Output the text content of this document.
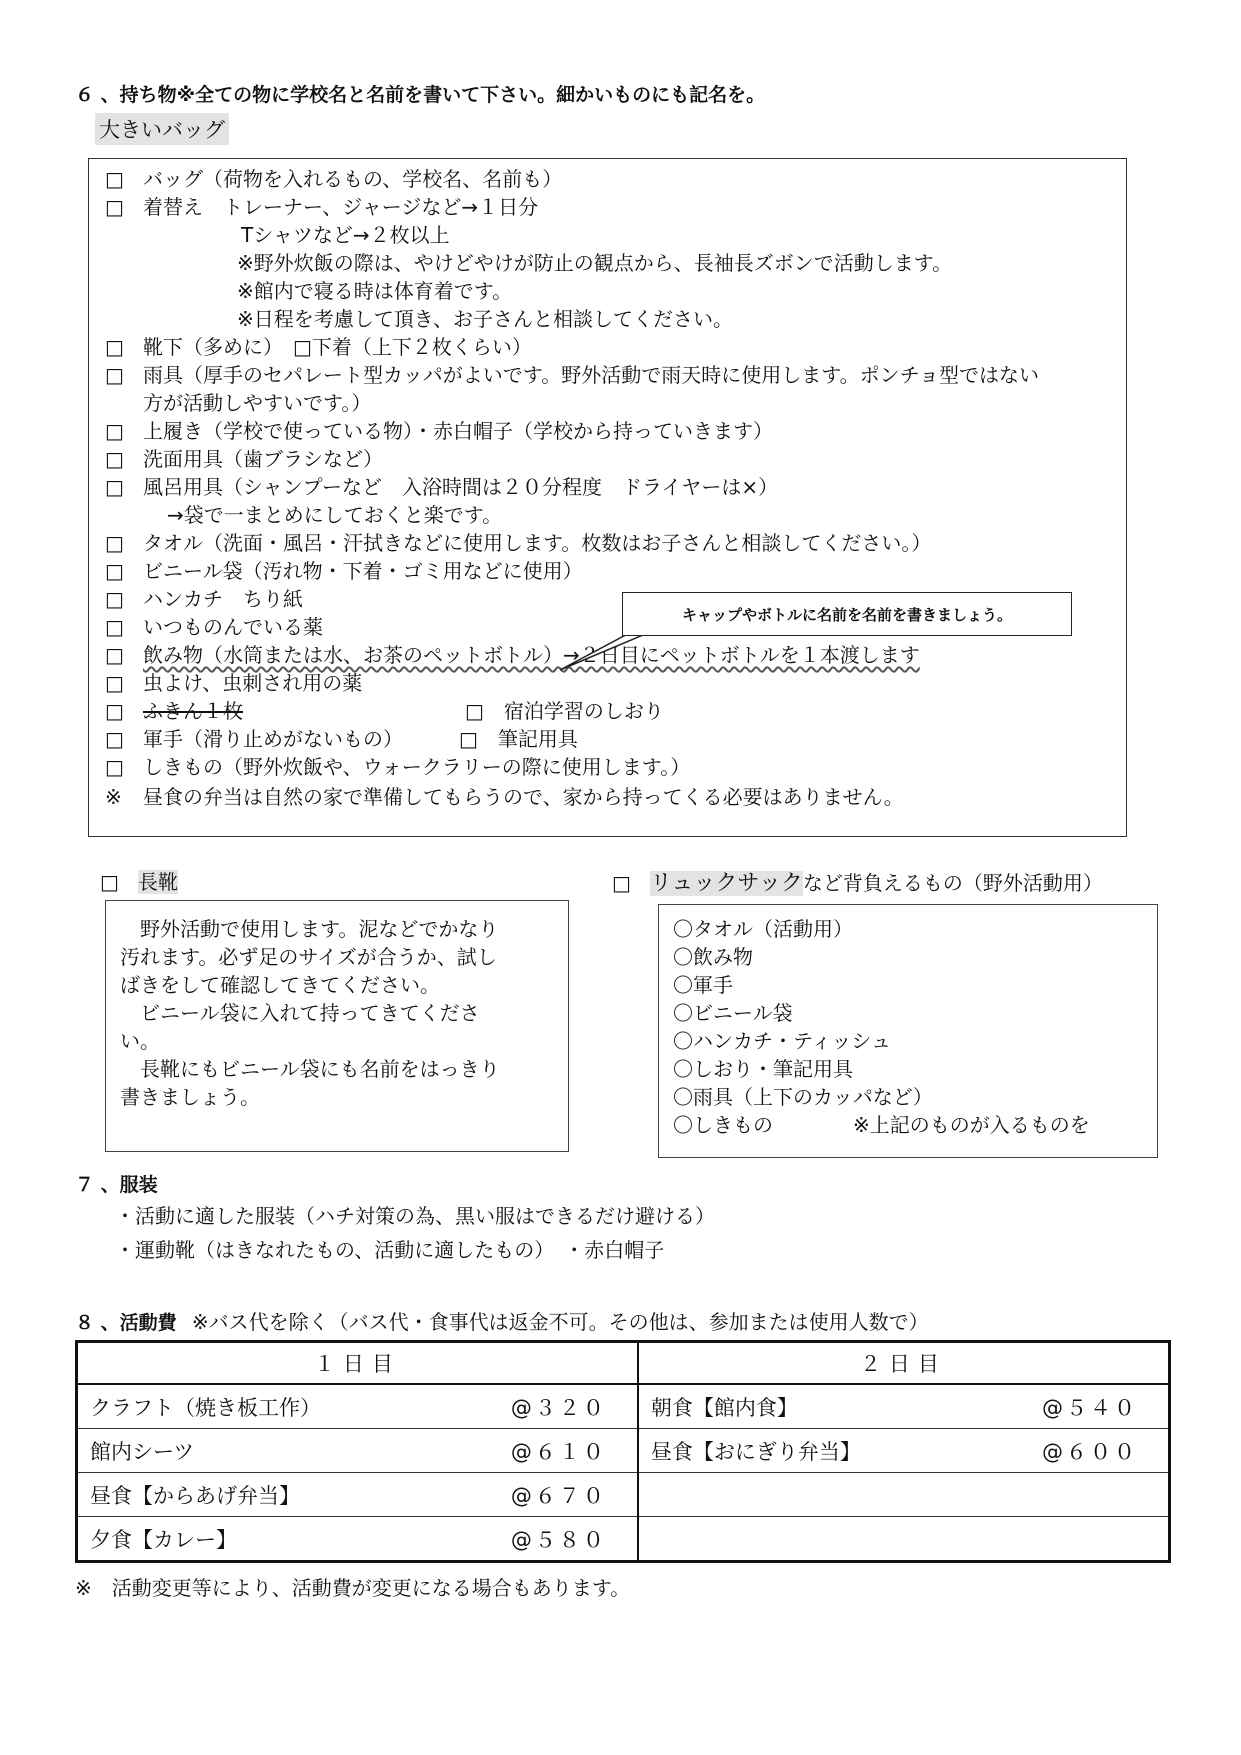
６ 、持ち物※全ての物に学校名と名前を書いて下さい。細かいものにも記名を。
大きいバッグ
□ バッグ（荷物を入れるもの、学校名、名前も）
□ 着替え　トレーナー、ジャージなど→１日分
Tシャツなど→２枚以上
※野外炊飯の際は、やけどやけが防止の観点から、長袖長ズボンで活動します。
※館内で寝る時は体育着です。
※日程を考慮して頂き、お子さんと相談してください。
□ 靴下（多めに）　□下着（上下２枚くらい）
□ 雨具（厚手のセパレート型カッパがよいです。野外活動で雨天時に使用します。ポンチョ型ではない
方が活動しやすいです。）
□ 上履き（学校で使っている物）・赤白帽子（学校から持っていきます）
□ 洗面用具（歯ブラシなど）
□ 風呂用具（シャンプーなど　入浴時間は２０分程度　ドライヤーは×）
→袋で一まとめにしておくと楽です。
□ タオル（洗面・風呂・汗拭きなどに使用します。枚数はお子さんと相談してください。）
□ ビニール袋（汚れ物・下着・ゴミ用などに使用）
□ ハンカチ　ちり紙
□ いつものんでいる薬
□ 飲み物（水筒または水、お茶のペットボトル）→２日目にペットボトルを１本渡します
□ 虫よけ、虫刺され用の薬
□ ふきん１枚	□　宿泊学習のしおり
□ 軍手（滑り止めがないもの）	□　筆記用具
□ しきもの（野外炊飯や、ウォークラリーの際に使用します。）
※ 昼食の弁当は自然の家で準備してもらうので、家から持ってくる必要はありません。
キャップやボトルに名前を名前を書きましょう。
□ 長靴
　野外活動で使用します。泥などでかなり
汚れます。必ず足のサイズが合うか、試し
ばきをして確認してきてください。
　ビニール袋に入れて持ってきてくださ
い。
　長靴にもビニール袋にも名前をはっきり
書きましょう。
□ リュックサックなど背負えるもの（野外活動用）
〇タオル（活動用）
〇飲み物
〇軍手
〇ビニール袋
〇ハンカチ・ティッシュ
〇しおり・筆記用具
〇雨具（上下のカッパなど）
〇しきもの　　　　※上記のものが入るものを
７ 、服装
・活動に適した服装（ハチ対策の為、黒い服はできるだけ避ける）
・運動靴（はきなれたもの、活動に適したもの）　・赤白帽子
８ 、活動費 ※バス代を除く（バス代・食事代は返金不可。その他は、参加または使用人数で）
１日目		２日目	
クラフト（焼き板工作）	@３２０	朝食【館内食】	@５４０
館内シーツ	@６１０	昼食【おにぎり弁当】	@６００
昼食【からあげ弁当】	@６７０		
夕食【カレー】	@５８０		
※　活動変更等により、活動費が変更になる場合もあります。
